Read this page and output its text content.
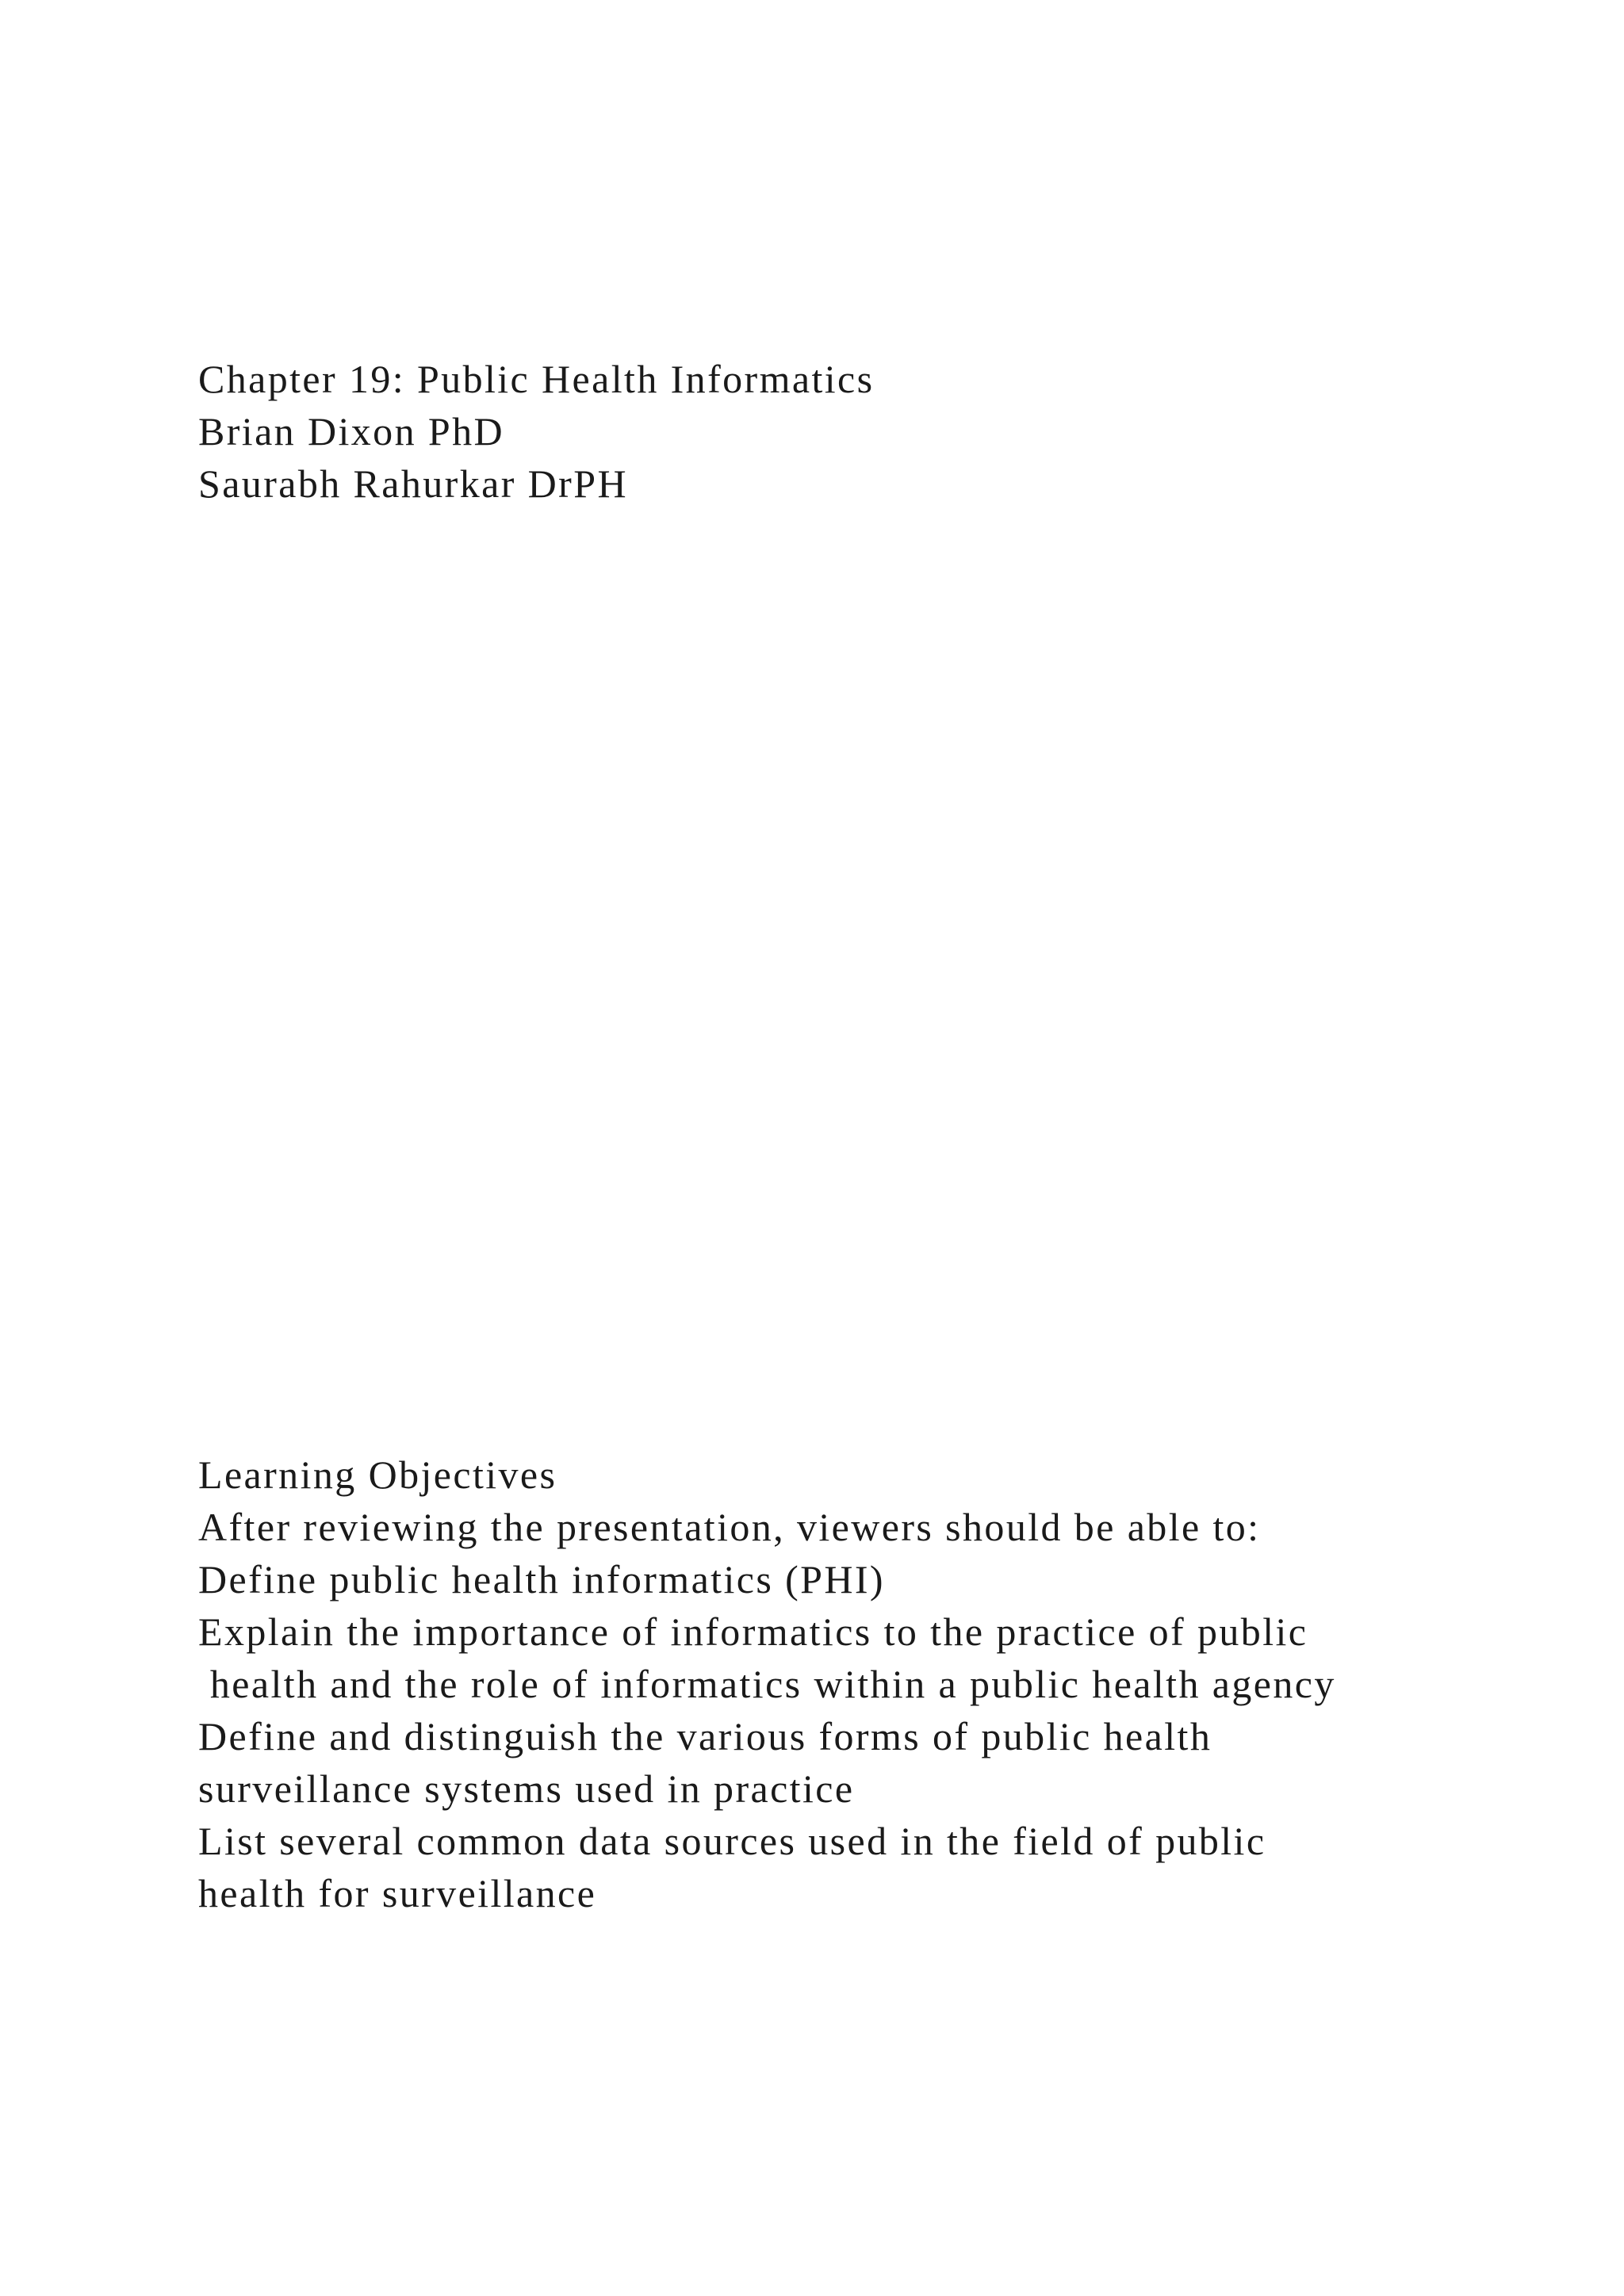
Chapter 19: Public Health Informatics
Brian Dixon PhD
Saurabh Rahurkar DrPH
Learning Objectives
After reviewing the presentation, viewers should be able to:
Define public health informatics (PHI)
Explain the importance of informatics to the practice of public
health and the role of informatics within a public health agency
Define and distinguish the various forms of public health
surveillance systems used in practice
List several common data sources used in the field of public
health for surveillance
